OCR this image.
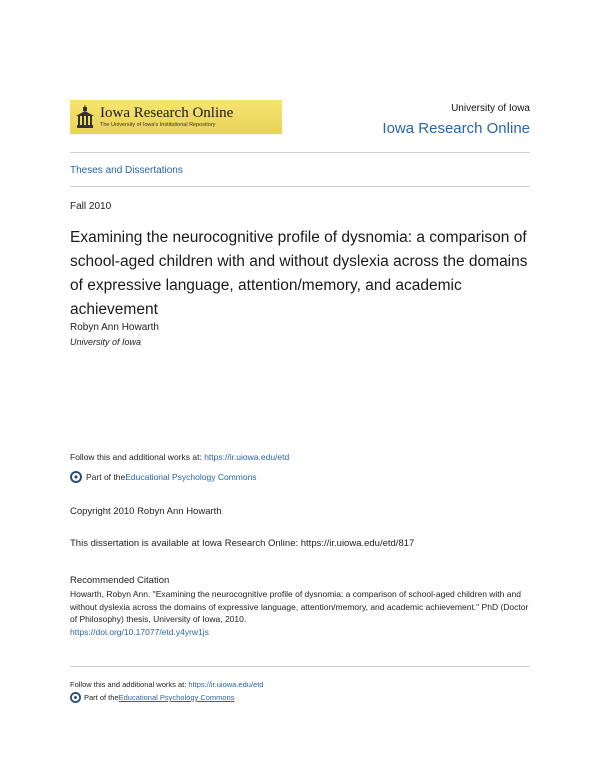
Iowa Research Online
The University of Iowa's Institutional Repository
University of Iowa
Iowa Research Online
Theses and Dissertations
Fall 2010
Examining the neurocognitive profile of dysnomia: a comparison of school-aged children with and without dyslexia across the domains of expressive language, attention/memory, and academic achievement
Robyn Ann Howarth
University of Iowa
Follow this and additional works at: https://ir.uiowa.edu/etd
Part of the Educational Psychology Commons
Copyright 2010 Robyn Ann Howarth
This dissertation is available at Iowa Research Online: https://ir.uiowa.edu/etd/817
Recommended Citation
Howarth, Robyn Ann. "Examining the neurocognitive profile of dysnomia: a comparison of school-aged children with and without dyslexia across the domains of expressive language, attention/memory, and academic achievement." PhD (Doctor of Philosophy) thesis, University of Iowa, 2010.
https://doi.org/10.17077/etd.y4yrw1js
Follow this and additional works at: https://ir.uiowa.edu/etd
Part of the Educational Psychology Commons
